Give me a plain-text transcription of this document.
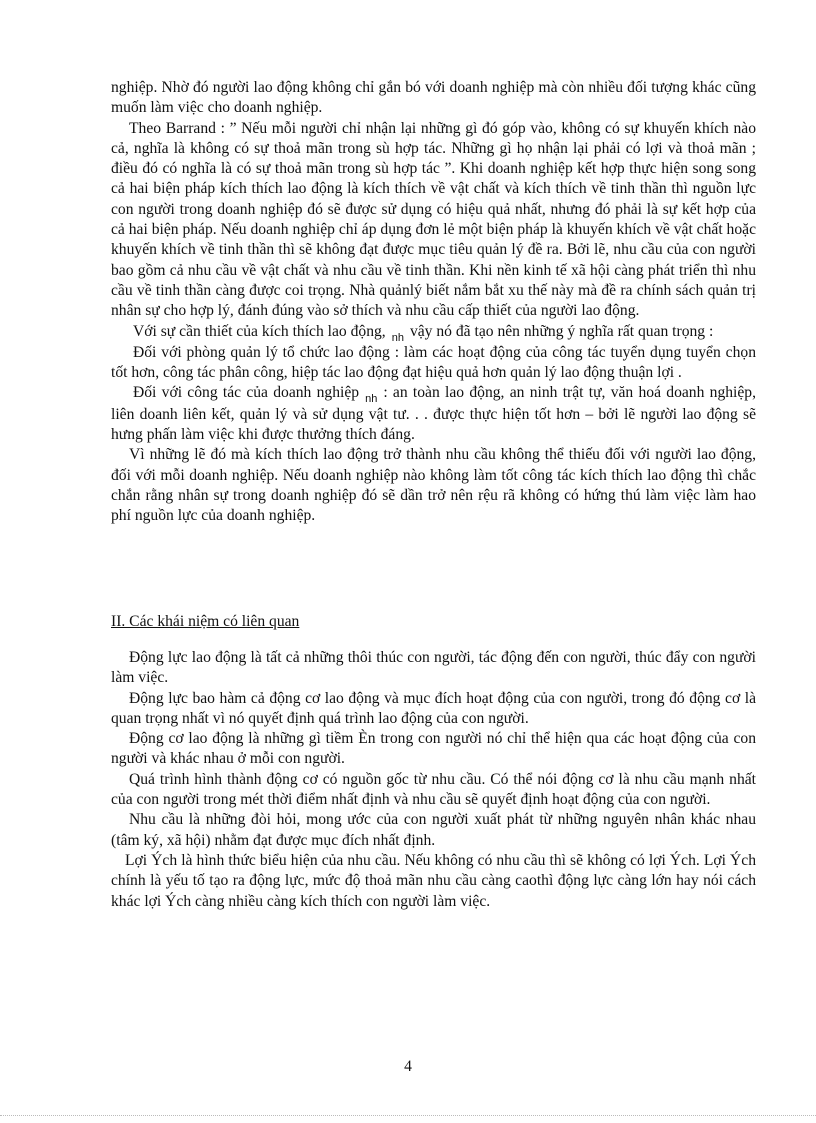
nghiệp. Nhờ đó người lao động không chỉ gắn bó với doanh nghiệp mà còn nhiều đối tượng khác cũng muốn làm việc cho doanh nghiệp.

Theo Barrand : ” Nếu mỗi người chỉ nhận lại những gì đó góp vào, không có sự khuyến khích nào cả, nghĩa là không có sự thoả mãn trong sù hợp tác. Những gì họ nhận lại phải có lợi và thoả mãn ; điều đó có nghĩa là có sự thoả mãn trong sù hợp tác ”. Khi doanh nghiệp kết hợp thực hiện song song cả hai biện pháp kích thích lao động là kích thích về vật chất và kích thích về tinh thần thì nguồn lực con người trong doanh nghiệp đó sẽ được sử dụng có hiệu quả nhất, nhưng đó phải là sự kết hợp của cả hai biện pháp. Nếu doanh nghiệp chỉ áp dụng đơn lẻ một biện pháp là khuyến khích về vật chất hoặc khuyến khích về tinh thần thì sẽ không đạt được mục tiêu quản lý đề ra. Bởi lẽ, nhu cầu của con người bao gồm cả nhu cầu về vật chất và nhu cầu về tinh thần. Khi nền kinh tế xã hội càng phát triển thì nhu cầu về tinh thần càng được coi trọng. Nhà quảnlý biết nắm bắt xu thế này mà đề ra chính sách quản trị nhân sự cho hợp lý, đánh đúng vào sở thích và nhu cầu cấp thiết của người lao động.

Với sự cần thiết của kích thích lao động, $_{nh}$ vậy nó đã tạo nên những ý nghĩa rất quan trọng :

Đối với phòng quản lý tổ chức lao động : làm các hoạt động của công tác tuyển dụng tuyển chọn tốt hơn, công tác phân công, hiệp tác lao động đạt hiệu quả hơn quản lý lao động thuận lợi .

Đối với công tác của doanh nghiệp $_{nh}$ : an toàn lao động, an ninh trật tự, văn hoá doanh nghiệp, liên doanh liên kết, quản lý và sử dụng vật tư. . . được thực hiện tốt hơn – bởi lẽ người lao động sẽ hưng phấn làm việc khi được thưởng thích đáng.

Vì những lẽ đó mà kích thích lao động trở thành nhu cầu không thể thiếu đối với người lao động, đối với mỗi doanh nghiệp. Nếu doanh nghiệp nào không làm tốt công tác kích thích lao động thì chắc chắn rằng nhân sự trong doanh nghiệp đó sẽ dần trở nên rệu rã không có hứng thú làm việc làm hao phí nguồn lực của doanh nghiệp.

II. Các khái niệm có liên quan

Động lực lao động là tất cả những thôi thúc con người, tác động đến con người, thúc đẩy con người làm việc.

Động lực bao hàm cả động cơ lao động và mục đích hoạt động của con người, trong đó động cơ là quan trọng nhất vì nó quyết định quá trình lao động của con người.

Động cơ lao động là những gì tiềm Èn trong con người nó chỉ thể hiện qua các hoạt động của con người và khác nhau ở mỗi con người.

Quá trình hình thành động cơ có nguồn gốc từ nhu cầu. Có thể nói động cơ là nhu cầu mạnh nhất của con người trong mét thời điểm nhất định và nhu cầu sẽ quyết định hoạt động của con người.

Nhu cầu là những đòi hỏi, mong ước của con người xuất phát từ những nguyên nhân khác nhau (tâm ký, xã hội) nhằm đạt được mục đích nhất định.

Lợi Ých là hình thức biểu hiện của nhu cầu. Nếu không có nhu cầu thì sẽ không có lợi Ých. Lợi Ých chính là yếu tố tạo ra động lực, mức độ thoả mãn nhu cầu càng caothì động lực càng lớn hay nói cách khác lợi Ých càng nhiều càng kích thích con người làm việc.

4
